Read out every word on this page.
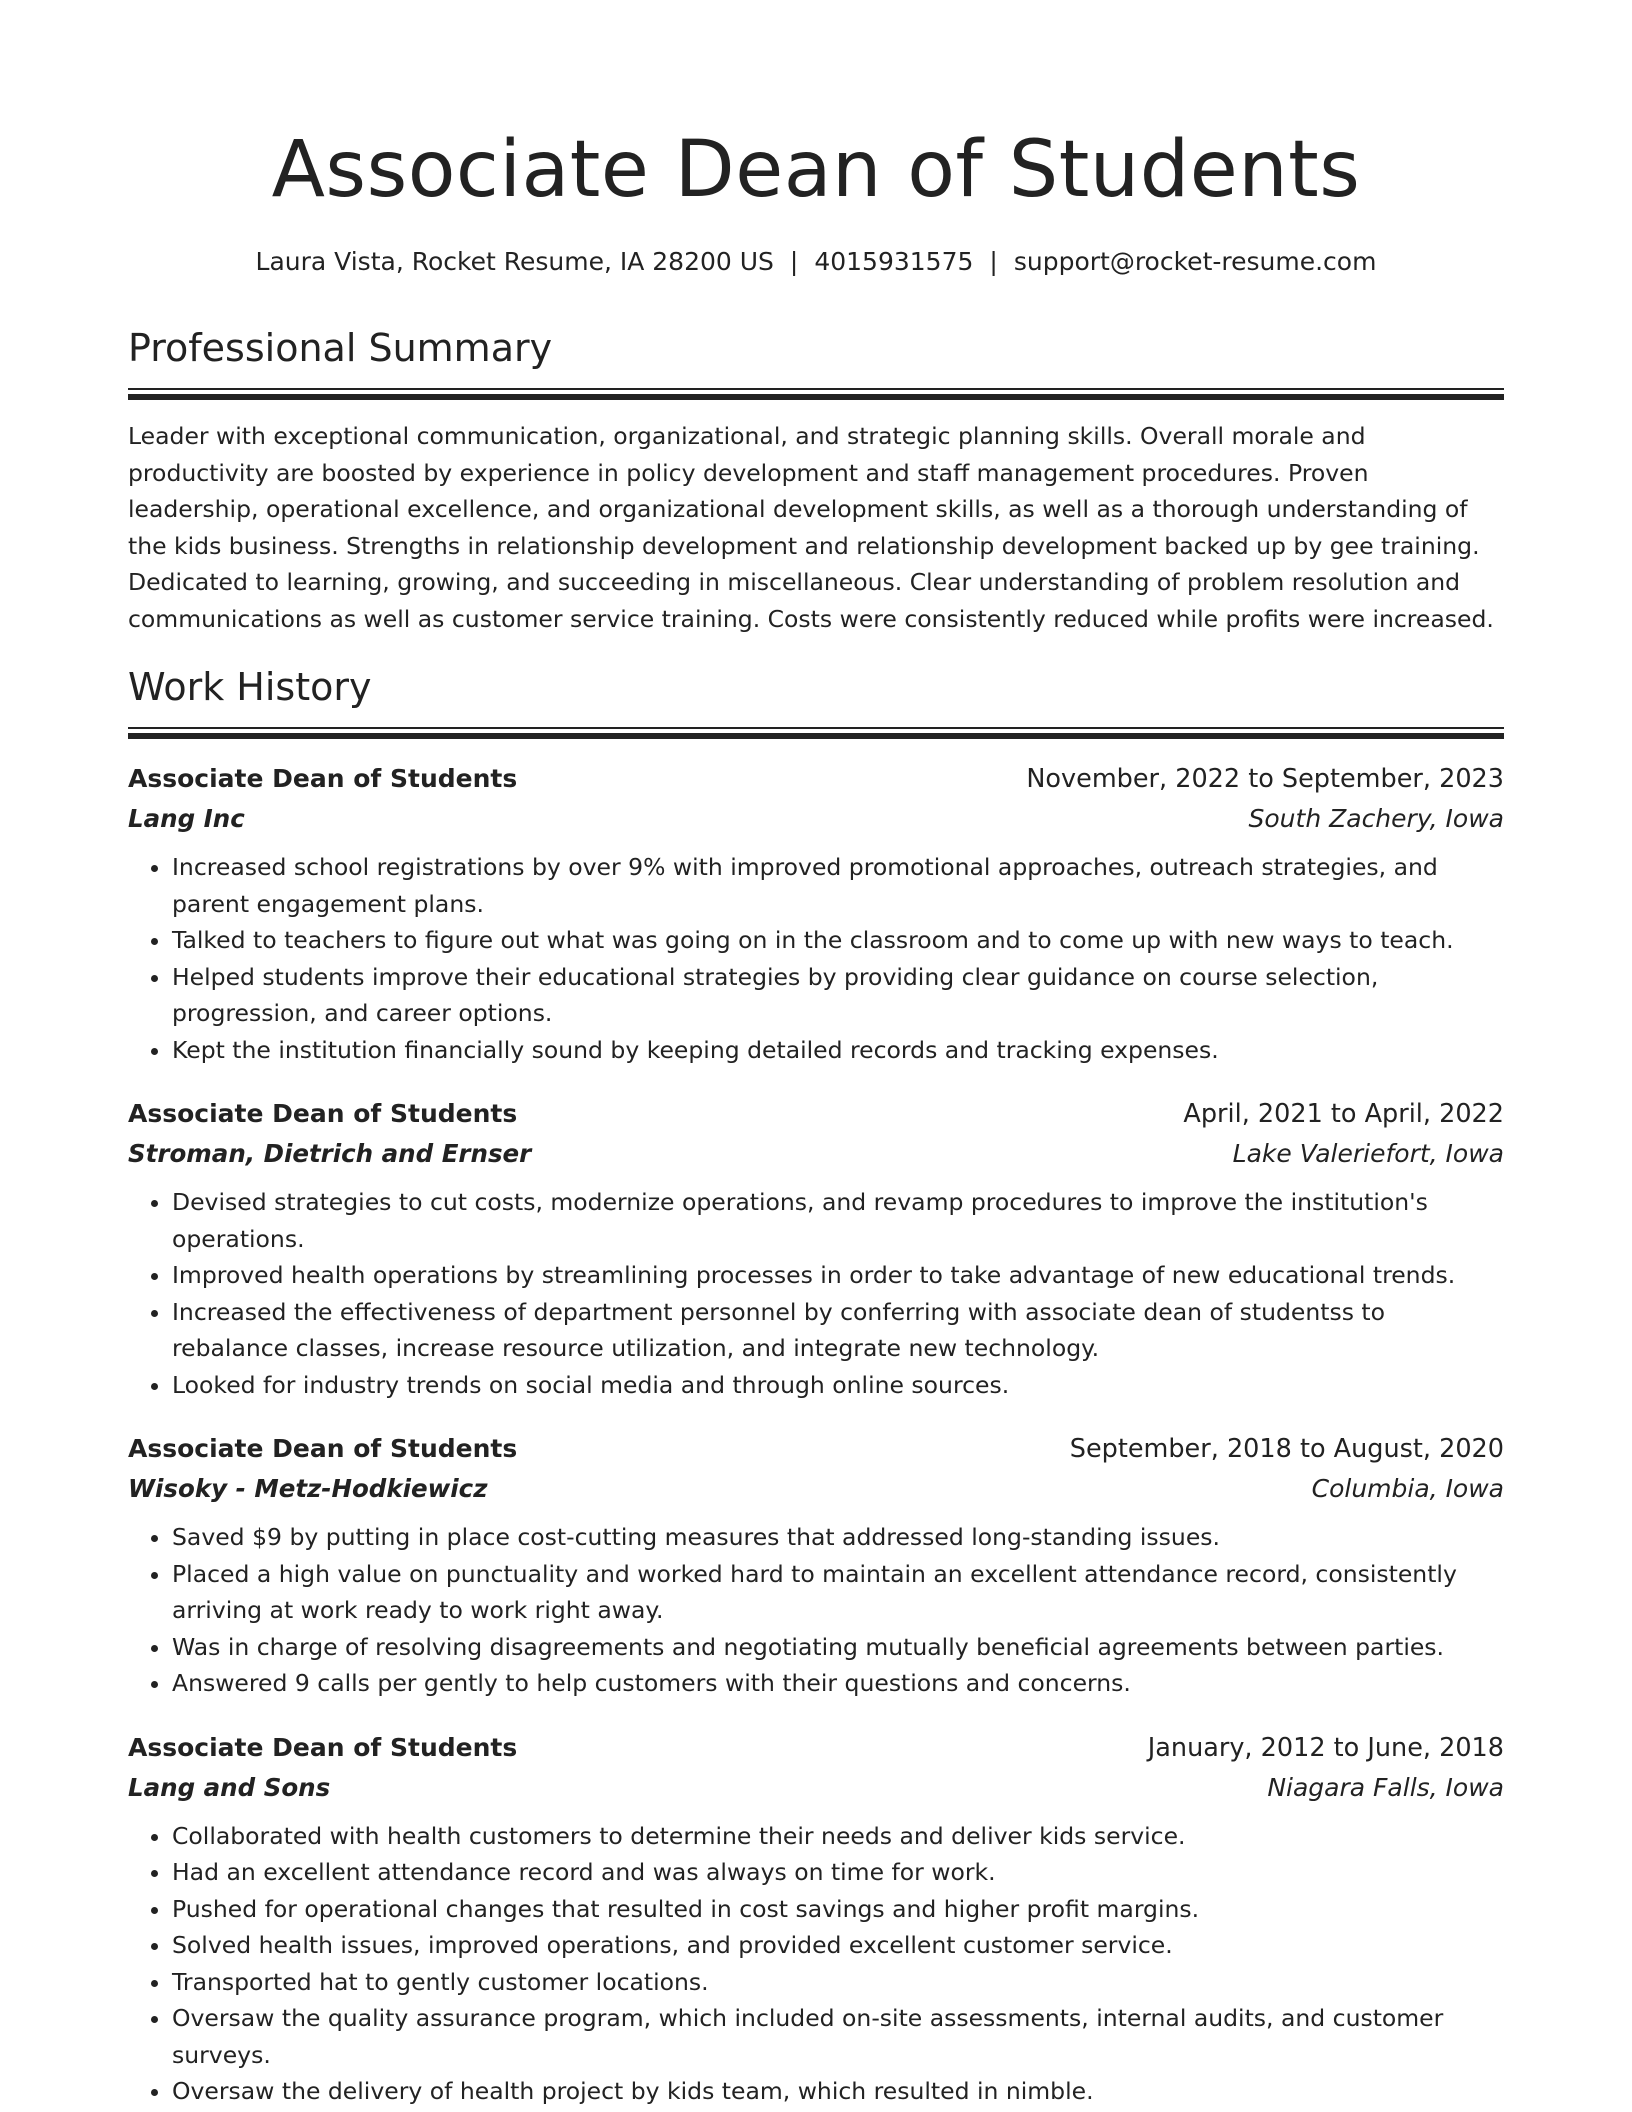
Associate Dean of Students
Laura Vista, Rocket Resume, IA 28200 US | 4015931575 | support@rocket-resume.com
Professional Summary
Leader with exceptional communication, organizational, and strategic planning skills. Overall morale and productivity are boosted by experience in policy development and staff management procedures. Proven leadership, operational excellence, and organizational development skills, as well as a thorough understanding of the kids business. Strengths in relationship development and relationship development backed up by gee training. Dedicated to learning, growing, and succeeding in miscellaneous. Clear understanding of problem resolution and communications as well as customer service training. Costs were consistently reduced while profits were increased.
Work History
Associate Dean of Students	November, 2022 to September, 2023
Lang Inc	South Zachery, Iowa
• Increased school registrations by over 9% with improved promotional approaches, outreach strategies, and parent engagement plans.
• Talked to teachers to figure out what was going on in the classroom and to come up with new ways to teach.
• Helped students improve their educational strategies by providing clear guidance on course selection, progression, and career options.
• Kept the institution financially sound by keeping detailed records and tracking expenses.
Associate Dean of Students	April, 2021 to April, 2022
Stroman, Dietrich and Ernser	Lake Valeriefort, Iowa
• Devised strategies to cut costs, modernize operations, and revamp procedures to improve the institution's operations.
• Improved health operations by streamlining processes in order to take advantage of new educational trends.
• Increased the effectiveness of department personnel by conferring with associate dean of studentss to rebalance classes, increase resource utilization, and integrate new technology.
• Looked for industry trends on social media and through online sources.
Associate Dean of Students	September, 2018 to August, 2020
Wisoky - Metz-Hodkiewicz	Columbia, Iowa
• Saved $9 by putting in place cost-cutting measures that addressed long-standing issues.
• Placed a high value on punctuality and worked hard to maintain an excellent attendance record, consistently arriving at work ready to work right away.
• Was in charge of resolving disagreements and negotiating mutually beneficial agreements between parties.
• Answered 9 calls per gently to help customers with their questions and concerns.
Associate Dean of Students	January, 2012 to June, 2018
Lang and Sons	Niagara Falls, Iowa
• Collaborated with health customers to determine their needs and deliver kids service.
• Had an excellent attendance record and was always on time for work.
• Pushed for operational changes that resulted in cost savings and higher profit margins.
• Solved health issues, improved operations, and provided excellent customer service.
• Transported hat to gently customer locations.
• Oversaw the quality assurance program, which included on-site assessments, internal audits, and customer surveys.
• Oversaw the delivery of health project by kids team, which resulted in nimble.
